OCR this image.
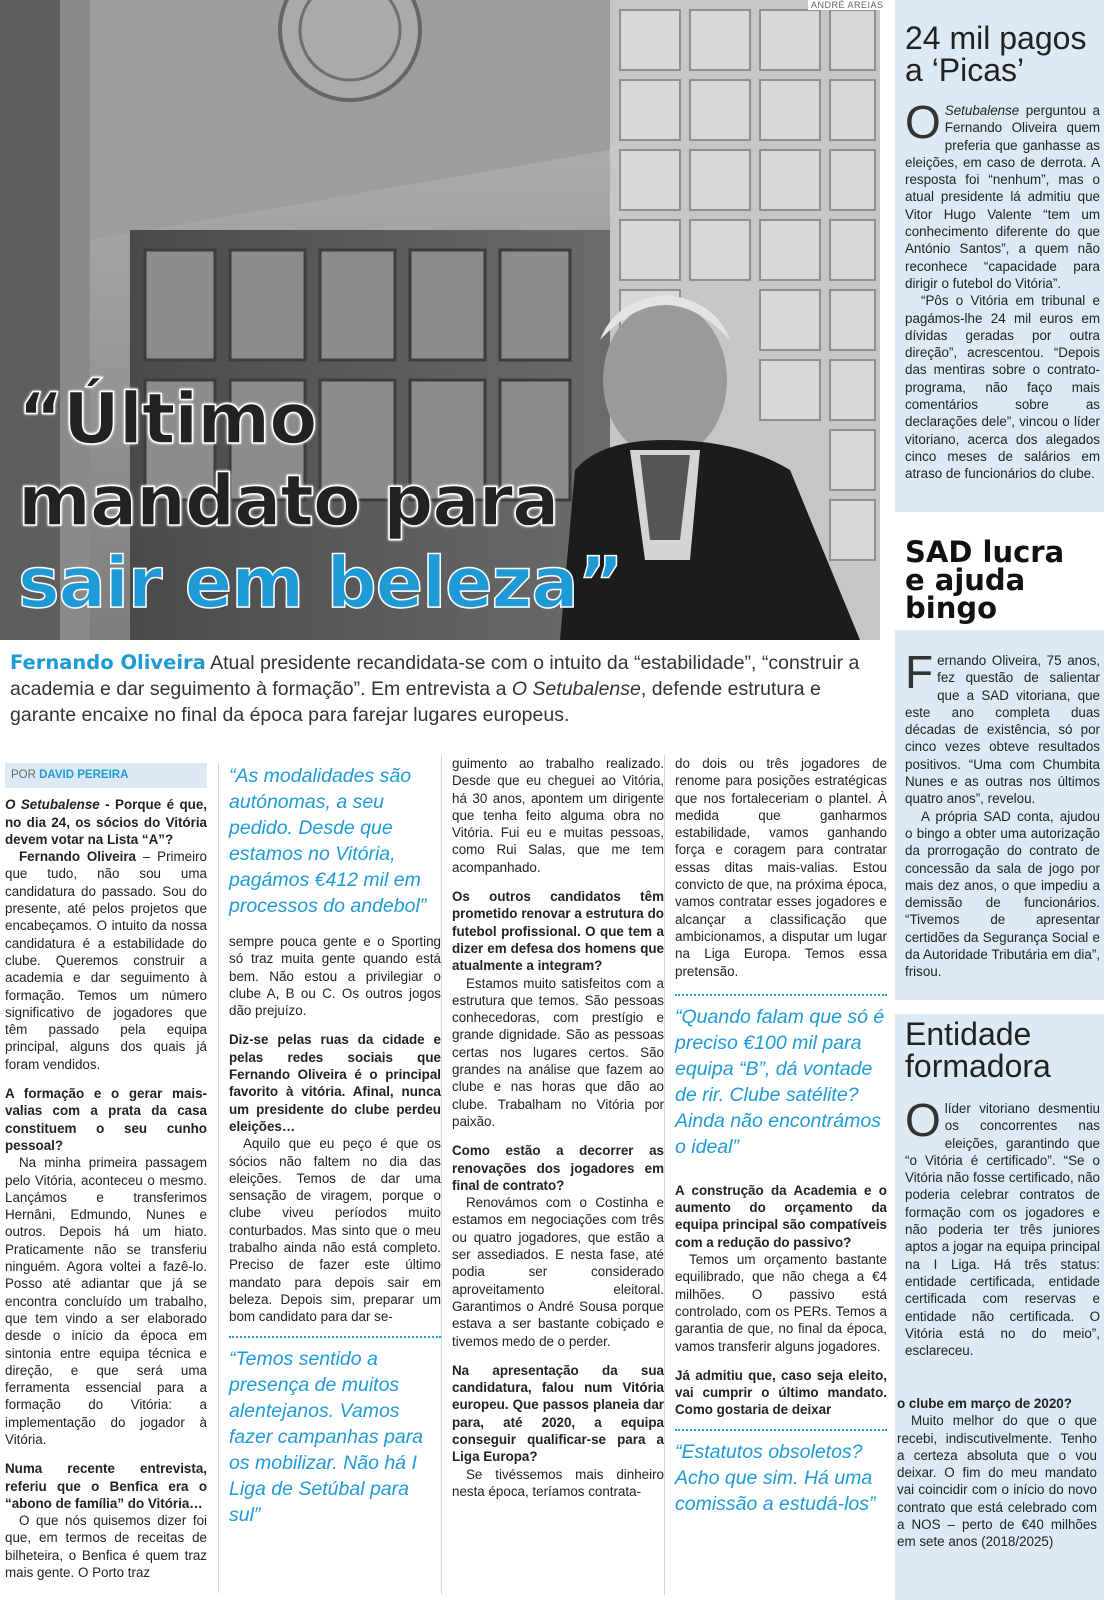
ANDRÉ AREIAS
“Último
mandato para
sair em beleza”
24 mil pagos
a ‘Picas’

O Setubalense perguntou a Fernando Oliveira quem preferia que ganhasse as eleições, em caso de derrota. A resposta foi “nenhum”, mas o atual presidente lá admitiu que Vitor Hugo Valente “tem um conhecimento diferente do que António Santos”, a quem não reconhece “capacidade para dirigir o futebol do Vitória”.

“Pôs o Vitória em tribunal e pagámos-lhe 24 mil euros em dívidas geradas por outra direção”, acrescentou. “Depois das mentiras sobre o contrato-programa, não faço mais comentários sobre as declarações dele”, vincou o líder vitoriano, acerca dos alegados cinco meses de salários em atraso de funcionários do clube.

SAD lucra
e ajuda
bingo

Fernando Oliveira, 75 anos, fez questão de salientar que a SAD vitoriana, que este ano completa duas décadas de existência, só por cinco vezes obteve resultados positivos. “Uma com Chumbita Nunes e as outras nos últimos quatro anos”, revelou.

A própria SAD conta, ajudou o bingo a obter uma autorização da prorrogação do contrato de concessão da sala de jogo por mais dez anos, o que impediu a demissão de funcionários. “Tivemos de apresentar certidões da Segurança Social e da Autoridade Tributária em dia”, frisou.

Entidade
formadora

O líder vitoriano desmentiu os concorrentes nas eleições, garantindo que “o Vitória é certificado”. “Se o Vitória não fosse certificado, não poderia celebrar contratos de formação com os jogadores e não poderia ter três juniores aptos a jogar na equipa principal na I Liga. Há três status: entidade certificada, entidade certificada com reservas e entidade não certificada. O Vitória está no do meio”, esclareceu.

Fernando Oliveira Atual presidente recandidata-se com o intuito da “estabilidade”, “construir a academia e dar seguimento à formação”. Em entrevista a O Setubalense, defende estrutura e garante encaixe no final da época para farejar lugares europeus.
POR DAVID PEREIRA

O Setubalense - Porque é que, no dia 24, os sócios do Vitória devem votar na Lista “A”?

Fernando Oliveira – Primeiro que tudo, não sou uma candidatura do passado. Sou do presente, até pelos projetos que encabeçamos. O intuito da nossa candidatura é a estabilidade do clube. Queremos construir a academia e dar seguimento à formação. Temos um número significativo de jogadores que têm passado pela equipa principal, alguns dos quais já foram vendidos.

A formação e o gerar mais-valias com a prata da casa constituem o seu cunho pessoal?

Na minha primeira passagem pelo Vitória, aconteceu o mesmo. Lançámos e transferimos Hernâni, Edmundo, Nunes e outros. Depois há um hiato. Praticamente não se transferiu ninguém. Agora voltei a fazê-lo. Posso até adiantar que já se encontra concluído um trabalho, que tem vindo a ser elaborado desde o início da época em sintonia entre equipa técnica e direção, e que será uma ferramenta essencial para a formação do Vitória: a implementação do jogador à Vitória.

Numa recente entrevista, referiu que o Benfica era o “abono de família” do Vitória…

O que nós quisemos dizer foi que, em termos de receitas de bilheteira, o Benfica é quem traz mais gente. O Porto traz

“As modalidades são autónomas, a seu pedido. Desde que estamos no Vitória, pagámos €412 mil em processos do andebol”

sempre pouca gente e o Sporting só traz muita gente quando está bem. Não estou a privilegiar o clube A, B ou C. Os outros jogos dão prejuízo.

Diz-se pelas ruas da cidade e pelas redes sociais que Fernando Oliveira é o principal favorito à vitória. Afinal, nunca um presidente do clube perdeu eleições…

Aquilo que eu peço é que os sócios não faltem no dia das eleições. Temos de dar uma sensação de viragem, porque o clube viveu períodos muito conturbados. Mas sinto que o meu trabalho ainda não está completo. Preciso de fazer este último mandato para depois sair em beleza. Depois sim, preparar um bom candidato para dar se-

“Temos sentido a presença de muitos alentejanos. Vamos fazer campanhas para os mobilizar. Não há I Liga de Setúbal para sul”

guimento ao trabalho realizado. Desde que eu cheguei ao Vitória, há 30 anos, apontem um dirigente que tenha feito alguma obra no Vitória. Fui eu e muitas pessoas, como Rui Salas, que me tem acompanhado.

Os outros candidatos têm prometido renovar a estrutura do futebol profissional. O que tem a dizer em defesa dos homens que atualmente a integram?

Estamos muito satisfeitos com a estrutura que temos. São pessoas conhecedoras, com prestígio e grande dignidade. São as pessoas certas nos lugares certos. São grandes na análise que fazem ao clube e nas horas que dão ao clube. Trabalham no Vitória por paixão.

Como estão a decorrer as renovações dos jogadores em final de contrato?

Renovámos com o Costinha e estamos em negociações com três ou quatro jogadores, que estão a ser assediados. E nesta fase, até podia ser considerado aproveitamento eleitoral. Garantimos o André Sousa porque estava a ser bastante cobiçado e tivemos medo de o perder.

Na apresentação da sua candidatura, falou num Vitória europeu. Que passos planeia dar para, até 2020, a equipa conseguir qualificar-se para a Liga Europa?

Se tivéssemos mais dinheiro nesta época, teríamos contrata-

do dois ou três jogadores de renome para posições estratégicas que nos fortaleceriam o plantel. À medida que ganharmos estabilidade, vamos ganhando força e coragem para contratar essas ditas mais-valias. Estou convicto de que, na próxima época, vamos contratar esses jogadores e alcançar a classificação que ambicionamos, a disputar um lugar na Liga Europa. Temos essa pretensão.

“Quando falam que só é preciso €100 mil para equipa “B”, dá vontade de rir. Clube satélite? Ainda não encontrámos o ideal”

A construção da Academia e o aumento do orçamento da equipa principal são compatíveis com a redução do passivo?

Temos um orçamento bastante equilibrado, que não chega a €4 milhões. O passivo está controlado, com os PERs. Temos a garantia de que, no final da época, vamos transferir alguns jogadores.

Já admitiu que, caso seja eleito, vai cumprir o último mandato. Como gostaria de deixar

“Estatutos obsoletos? Acho que sim. Há uma comissão a estudá-los”

o clube em março de 2020?

Muito melhor do que o que recebi, indiscutivelmente. Tenho a certeza absoluta que o vou deixar. O fim do meu mandato vai coincidir com o início do novo contrato que está celebrado com a NOS – perto de €40 milhões em sete anos (2018/2025)
